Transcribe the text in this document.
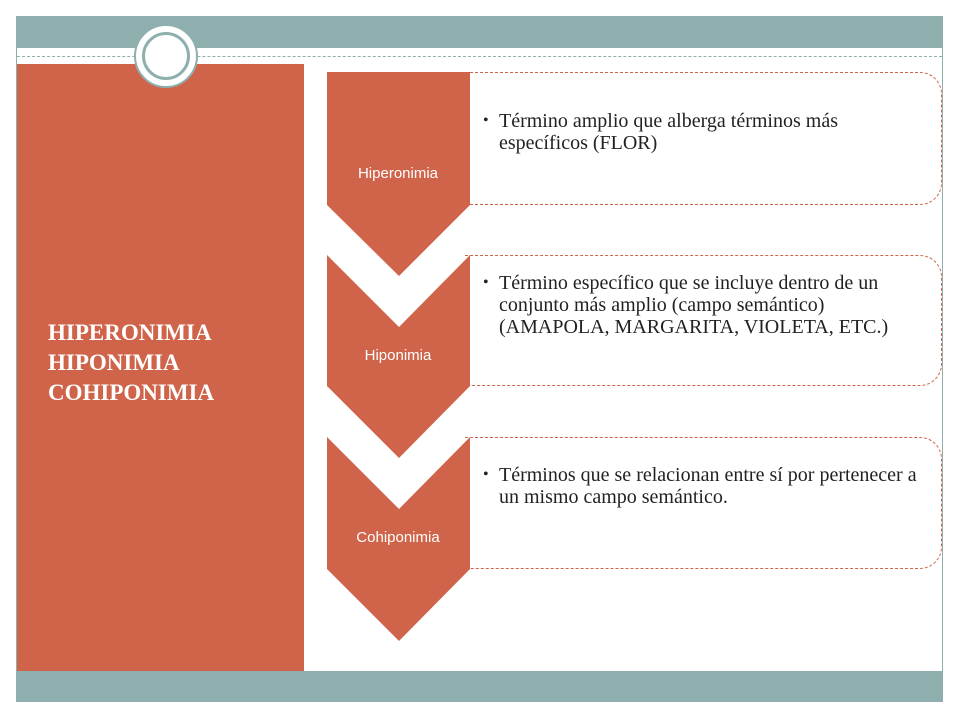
HIPERONIMIA
HIPONIMIA
COHIPONIMIA
• Término amplio que alberga términos más específicos (FLOR)
• Término específico que se incluye dentro de un conjunto más amplio (campo semántico) (AMAPOLA, MARGARITA, VIOLETA, ETC.)
• Términos que se relacionan entre sí por pertenecer a un mismo campo semántico.
Hiperonimia
Hiponimia
Cohiponimia
